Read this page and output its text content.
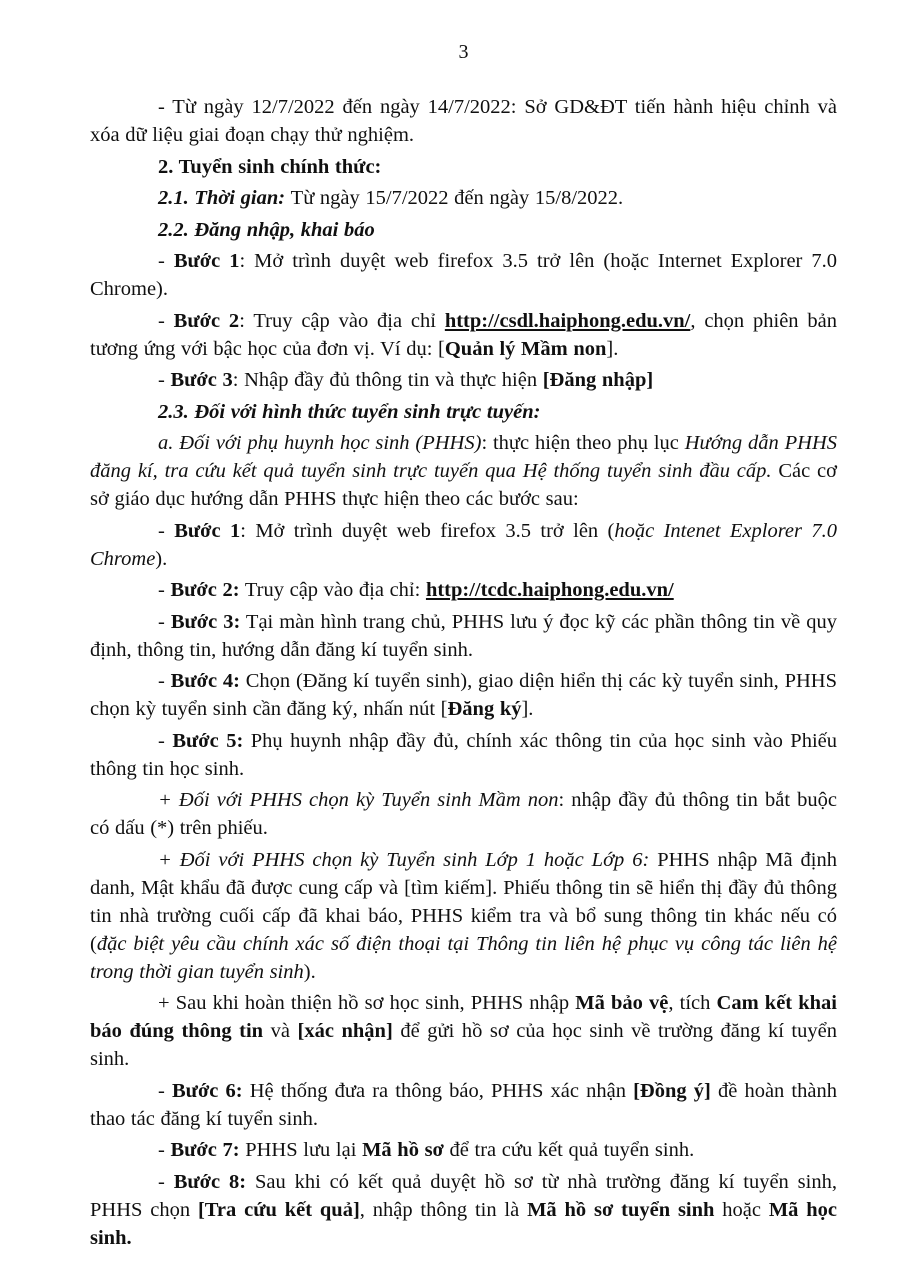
3

- Từ ngày 12/7/2022 đến ngày 14/7/2022: Sở GD&ĐT tiến hành hiệu chỉnh và xóa dữ liệu giai đoạn chạy thử nghiệm.

2. Tuyển sinh chính thức:

2.1. Thời gian: Từ ngày 15/7/2022 đến ngày 15/8/2022.

2.2. Đăng nhập, khai báo

- Bước 1: Mở trình duyệt web firefox 3.5 trở lên (hoặc Internet Explorer 7.0 Chrome).

- Bước 2: Truy cập vào địa chỉ http://csdl.haiphong.edu.vn/, chọn phiên bản tương ứng với bậc học của đơn vị. Ví dụ: [Quản lý Mầm non].

- Bước 3: Nhập đầy đủ thông tin và thực hiện [Đăng nhập]

2.3. Đối với hình thức tuyển sinh trực tuyến:

a. Đối với phụ huynh học sinh (PHHS): thực hiện theo phụ lục Hướng dẫn PHHS đăng kí, tra cứu kết quả tuyển sinh trực tuyến qua Hệ thống tuyển sinh đầu cấp. Các cơ sở giáo dục hướng dẫn PHHS thực hiện theo các bước sau:

- Bước 1: Mở trình duyệt web firefox 3.5 trở lên (hoặc Intenet Explorer 7.0 Chrome).

- Bước 2: Truy cập vào địa chỉ: http://tcdc.haiphong.edu.vn/

- Bước 3: Tại màn hình trang chủ, PHHS lưu ý đọc kỹ các phần thông tin về quy định, thông tin, hướng dẫn đăng kí tuyển sinh.

- Bước 4: Chọn (Đăng kí tuyển sinh), giao diện hiển thị các kỳ tuyển sinh, PHHS chọn kỳ tuyển sinh cần đăng ký, nhấn nút [Đăng ký].

- Bước 5: Phụ huynh nhập đầy đủ, chính xác thông tin của học sinh vào Phiếu thông tin học sinh.

+ Đối với PHHS chọn kỳ Tuyển sinh Mầm non: nhập đầy đủ thông tin bắt buộc có dấu (*) trên phiếu.

+ Đối với PHHS chọn kỳ Tuyển sinh Lớp 1 hoặc Lớp 6: PHHS nhập Mã định danh, Mật khẩu đã được cung cấp và [tìm kiếm]. Phiếu thông tin sẽ hiển thị đầy đủ thông tin nhà trường cuối cấp đã khai báo, PHHS kiểm tra và bổ sung thông tin khác nếu có (đặc biệt yêu cầu chính xác số điện thoại tại Thông tin liên hệ phục vụ công tác liên hệ trong thời gian tuyển sinh).

+ Sau khi hoàn thiện hồ sơ học sinh, PHHS nhập Mã bảo vệ, tích Cam kết khai báo đúng thông tin và [xác nhận] để gửi hồ sơ của học sinh về trường đăng kí tuyển sinh.

- Bước 6: Hệ thống đưa ra thông báo, PHHS xác nhận [Đồng ý] đề hoàn thành thao tác đăng kí tuyển sinh.

- Bước 7: PHHS lưu lại Mã hồ sơ để tra cứu kết quả tuyển sinh.

- Bước 8: Sau khi có kết quả duyệt hồ sơ từ nhà trường đăng kí tuyển sinh, PHHS chọn [Tra cứu kết quả], nhập thông tin là Mã hồ sơ tuyển sinh hoặc Mã học sinh.
